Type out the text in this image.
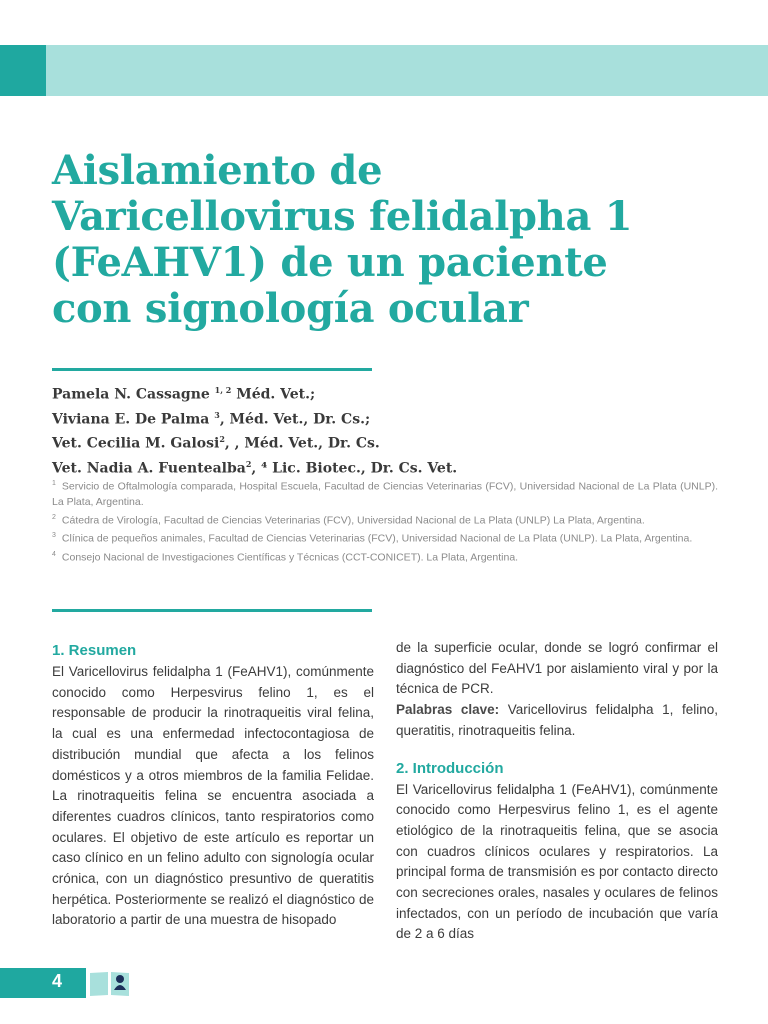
Aislamiento de
Varicellovirus felidalpha 1
(FeAHV1) de un paciente
con signología ocular
Pamela N. Cassagne $^{1, 2}$ Méd. Vet.;
Viviana E. De Palma $^3$, Méd. Vet., Dr. Cs.;
Vet. Cecilia M. Galosi$^2$, , Méd. Vet., Dr. Cs.
Vet. Nadia A. Fuentealba$^2$, ⁴ Lic. Biotec., Dr. Cs. Vet.

$^1$ Servicio de Oftalmología comparada, Hospital Escuela, Facultad de Ciencias Veterinarias (FCV), Universidad Nacional de La Plata (UNLP). La Plata, Argentina.

$^2$ Cátedra de Virología, Facultad de Ciencias Veterinarias (FCV), Universidad Nacional de La Plata (UNLP) La Plata, Argentina.

$^3$ Clínica de pequeños animales, Facultad de Ciencias Veterinarias (FCV), Universidad Nacional de La Plata (UNLP). La Plata, Argentina.

$^4$ Consejo Nacional de Investigaciones Científicas y Técnicas (CCT-CONICET). La Plata, Argentina.

1. Resumen

El Varicellovirus felidalpha 1 (FeAHV1), comúnmente conocido como Herpesvirus felino 1, es el responsable de producir la rinotraqueitis viral felina, la cual es una enfermedad infectocontagiosa de distribución mundial que afecta a los felinos domésticos y a otros miembros de la familia Felidae. La rinotraqueitis felina se encuentra asociada a diferentes cuadros clínicos, tanto respiratorios como oculares. El objetivo de este artículo es reportar un caso clínico en un felino adulto con signología ocular crónica, con un diagnóstico presuntivo de queratitis herpética. Posteriormente se realizó el diagnóstico de laboratorio a partir de una muestra de hisopado

de la superficie ocular, donde se logró confirmar el diagnóstico del FeAHV1 por aislamiento viral y por la técnica de PCR.

Palabras clave: Varicellovirus felidalpha 1, felino, queratitis, rinotraqueitis felina.

2. Introducción

El Varicellovirus felidalpha 1 (FeAHV1), comúnmente conocido como Herpesvirus felino 1, es el agente etiológico de la rinotraqueitis felina, que se asocia con cuadros clínicos oculares y respiratorios. La principal forma de transmisión es por contacto directo con secreciones orales, nasales y oculares de felinos infectados, con un período de incubación que varía de 2 a 6 días

4
